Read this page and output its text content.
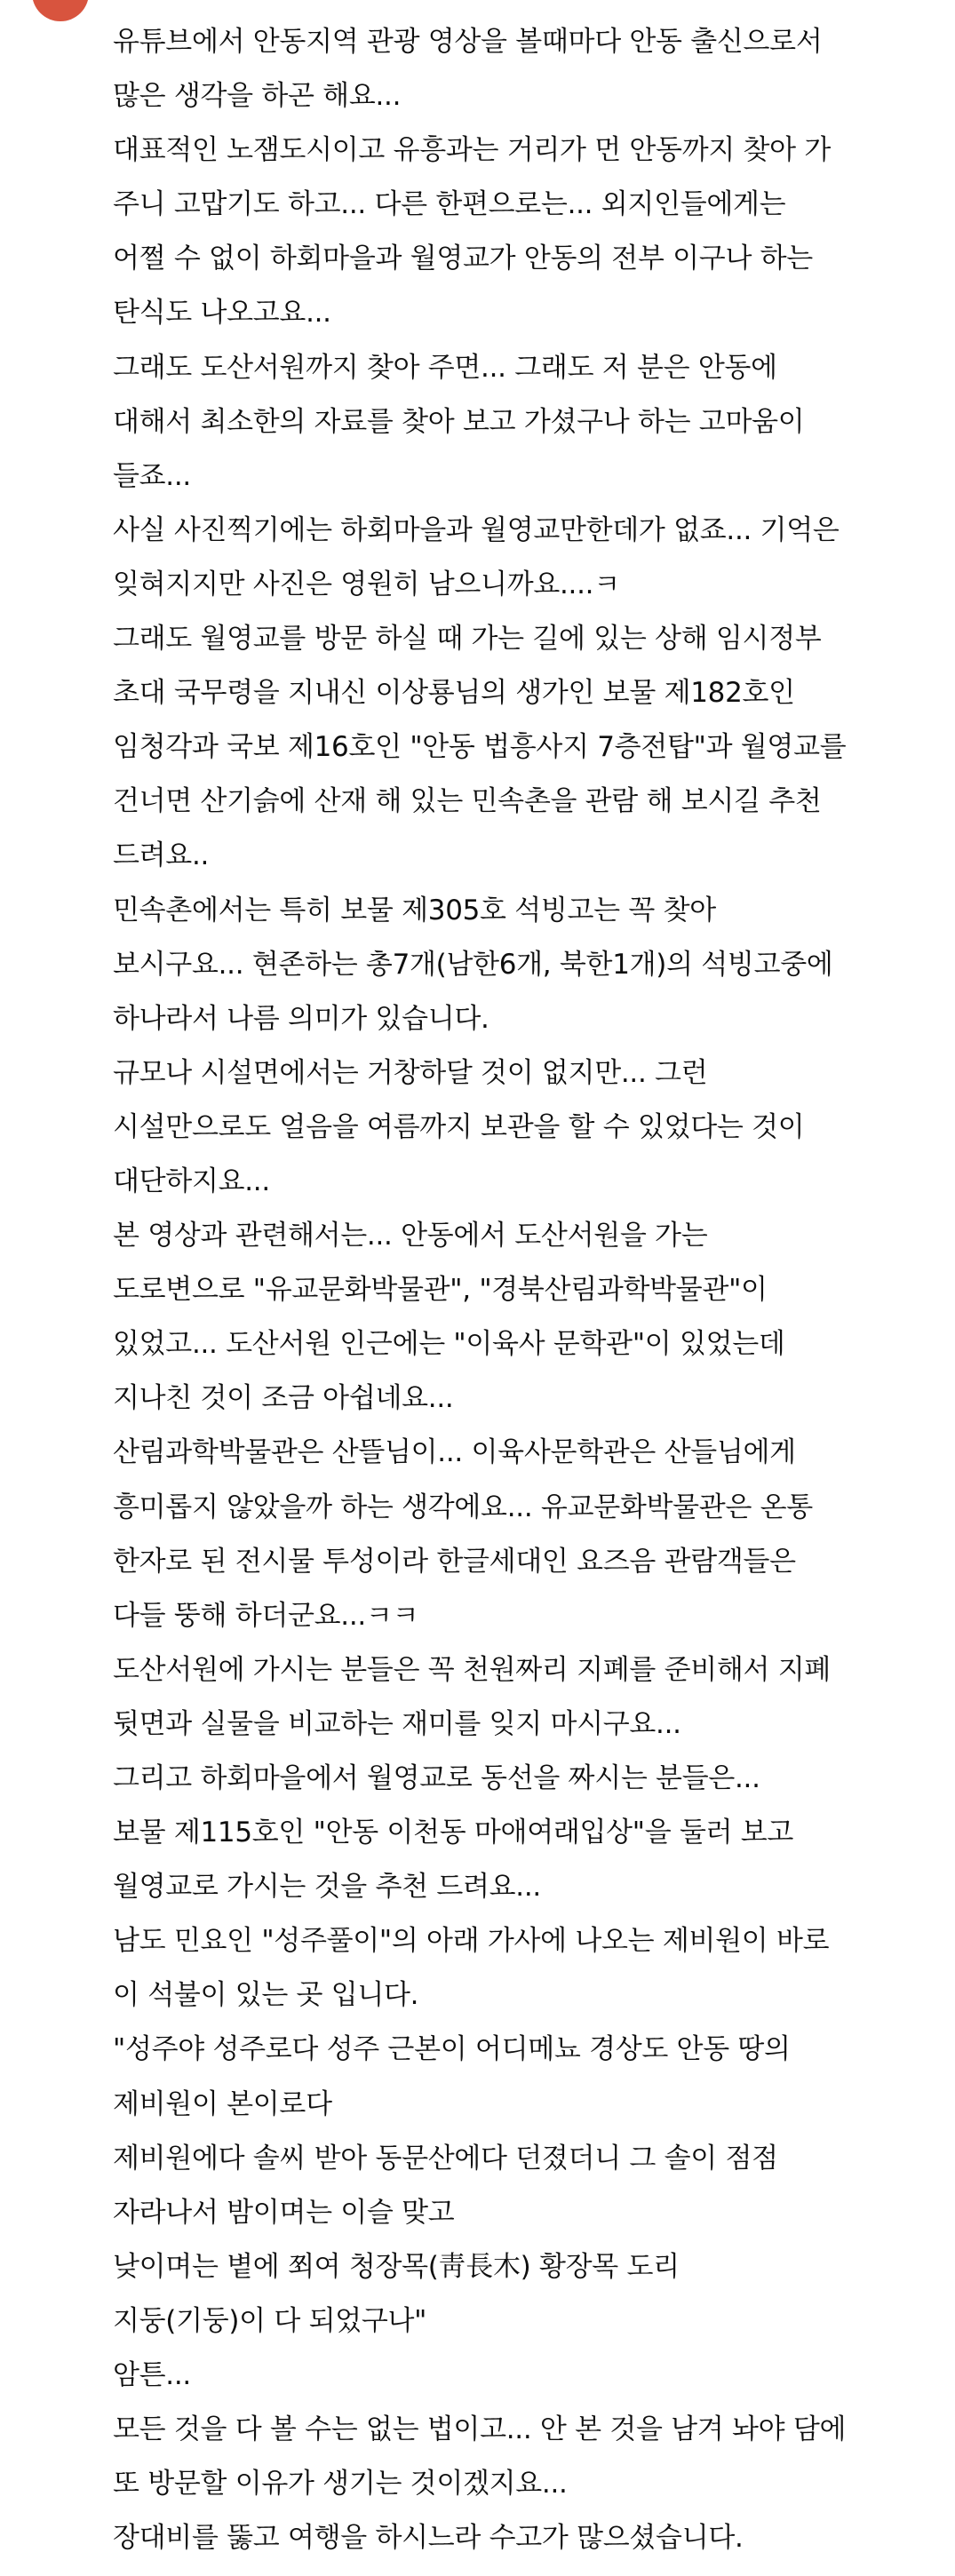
유튜브에서 안동지역 관광 영상을 볼때마다 안동 출신으로서
많은 생각을 하곤 해요...
대표적인 노잼도시이고 유흥과는 거리가 먼 안동까지 찾아 가
주니 고맙기도 하고... 다른 한편으로는... 외지인들에게는
어쩔 수 없이 하회마을과 월영교가 안동의 전부 이구나 하는
탄식도 나오고요...
그래도 도산서원까지 찾아 주면... 그래도 저 분은 안동에
대해서 최소한의 자료를 찾아 보고 가셨구나 하는 고마움이
들죠...
사실 사진찍기에는 하회마을과 월영교만한데가 없죠... 기억은
잊혀지지만 사진은 영원히 남으니까요....ㅋ
그래도 월영교를 방문 하실 때 가는 길에 있는 상해 임시정부
초대 국무령을 지내신 이상룡님의 생가인 보물 제182호인
임청각과 국보 제16호인 "안동 법흥사지 7층전탑"과 월영교를
건너면 산기슭에 산재 해 있는 민속촌을 관람 해 보시길 추천
드려요..
민속촌에서는 특히 보물 제305호 석빙고는 꼭 찾아
보시구요... 현존하는 총7개(남한6개, 북한1개)의 석빙고중에
하나라서 나름 의미가 있습니다.
규모나 시설면에서는 거창하달 것이 없지만... 그런
시설만으로도 얼음을 여름까지 보관을 할 수 있었다는 것이
대단하지요...
본 영상과 관련해서는... 안동에서 도산서원을 가는
도로변으로 "유교문화박물관", "경북산림과학박물관"이
있었고... 도산서원 인근에는 "이육사 문학관"이 있었는데
지나친 것이 조금 아쉽네요...
산림과학박물관은 산뜰님이... 이육사문학관은 산들님에게
흥미롭지 않았을까 하는 생각에요... 유교문화박물관은 온통
한자로 된 전시물 투성이라 한글세대인 요즈음 관람객들은
다들 뚱해 하더군요...ㅋㅋ
도산서원에 가시는 분들은 꼭 천원짜리 지폐를 준비해서 지폐
뒷면과 실물을 비교하는 재미를 잊지 마시구요...
그리고 하회마을에서 월영교로 동선을 짜시는 분들은...
보물 제115호인 "안동 이천동 마애여래입상"을 둘러 보고
월영교로 가시는 것을 추천 드려요...
남도 민요인 "성주풀이"의 아래 가사에 나오는 제비원이 바로
이 석불이 있는 곳 입니다.
"성주야 성주로다 성주 근본이 어디메뇨 경상도 안동 땅의
제비원이 본이로다
제비원에다 솔씨 받아 동문산에다 던졌더니 그 솔이 점점
자라나서 밤이며는 이슬 맞고
낮이며는 볕에 쬐여 청장목(靑長木) 황장목 도리
지둥(기둥)이 다 되었구나"
암튼...
모든 것을 다 볼 수는 없는 법이고... 안 본 것을 남겨 놔야 담에
또 방문할 이유가 생기는 것이겠지요...
장대비를 뚫고 여행을 하시느라 수고가 많으셨습니다.
